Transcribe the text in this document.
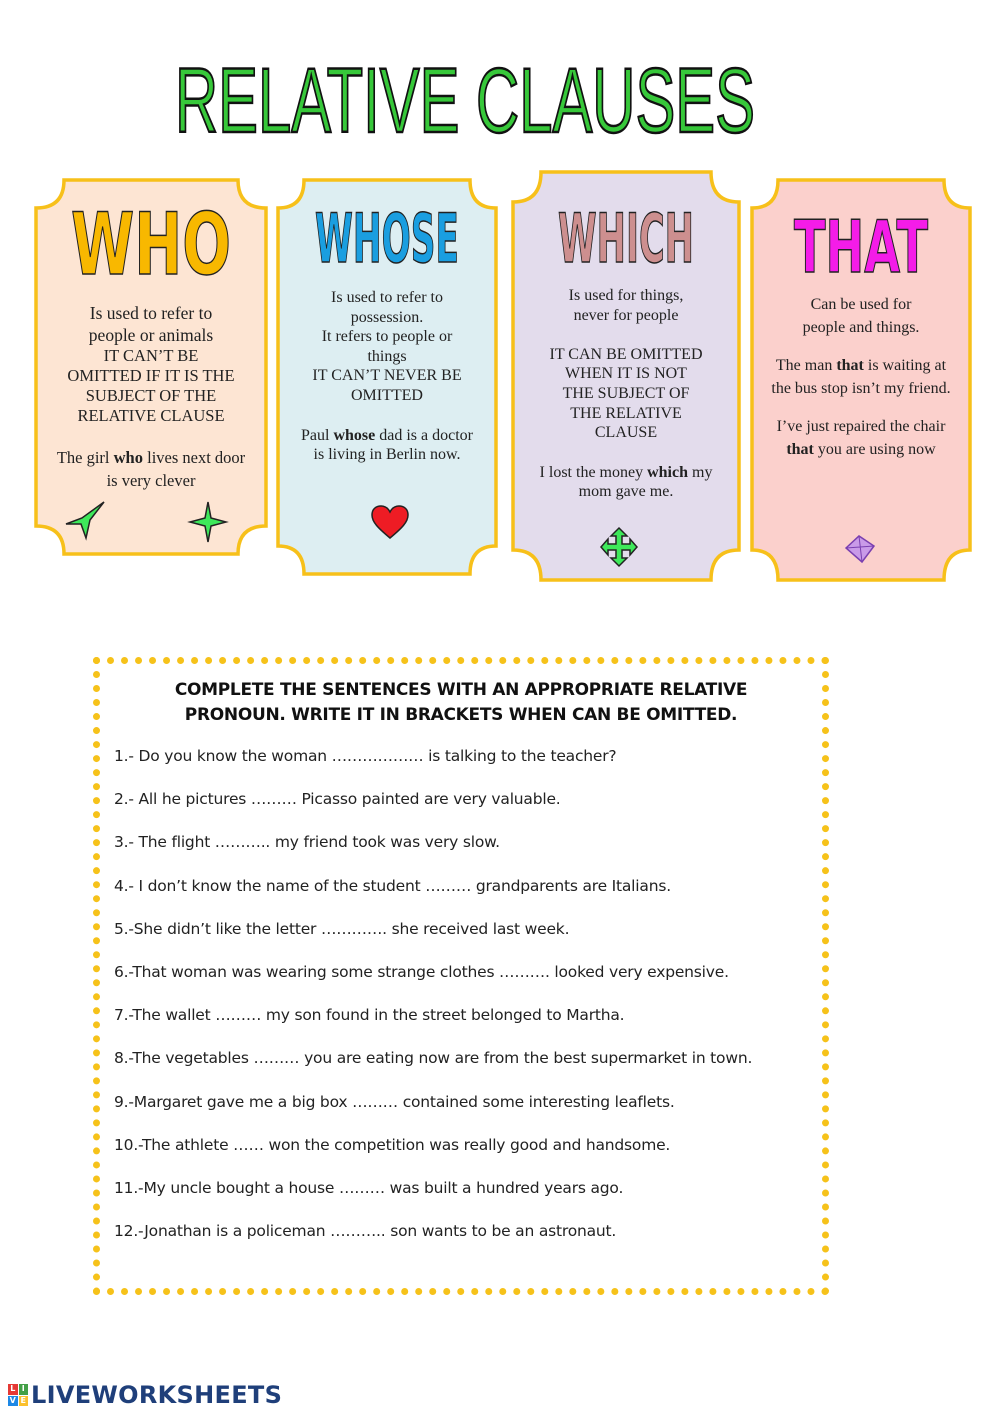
RELATIVE CLAUSES
WHO
Is used to refer to
people or animals
IT CAN’T BE
OMITTED IF IT IS THE
SUBJECT OF THE
RELATIVE CLAUSE

The girl who lives next door is very clever

WHOSE
Is used to refer to
possession.
It refers to people or
things
IT CAN’T NEVER BE
OMITTED

Paul whose dad is a doctor is living in Berlin now.

WHICH
Is used for things,
never for people
IT CAN BE OMITTED
WHEN IT IS NOT
THE SUBJECT OF
THE RELATIVE
CLAUSE

I lost the money which my mom gave me.

THAT
Can be used for
people and things.

The man that is waiting at the bus stop isn’t my friend.

I’ve just repaired the chair that you are using now

COMPLETE THE SENTENCES WITH AN APPROPRIATE RELATIVE PRONOUN. WRITE IT IN BRACKETS WHEN CAN BE OMITTED.
1.- Do you know the woman ……………… is talking to the teacher?
2.- All he pictures ……… Picasso painted are very valuable.
3.- The flight ……….. my friend took was very slow.
4.- I don’t know the name of the student ……… grandparents are Italians.
5.-She didn’t like the letter …………. she received last week.
6.-That woman was wearing some strange clothes ………. looked very expensive.
7.-The wallet ……… my son found in the street belonged to Martha.
8.-The vegetables ……… you are eating now are from the best supermarket in town.
9.-Margaret gave me a big box ……… contained some interesting leaflets.
10.-The athlete …… won the competition was really good and handsome.
11.-My uncle bought a house ……… was built a hundred years ago.
12.-Jonathan is a policeman ……….. son wants to be an astronaut.
L I
V E LIVEWORKSHEETS
